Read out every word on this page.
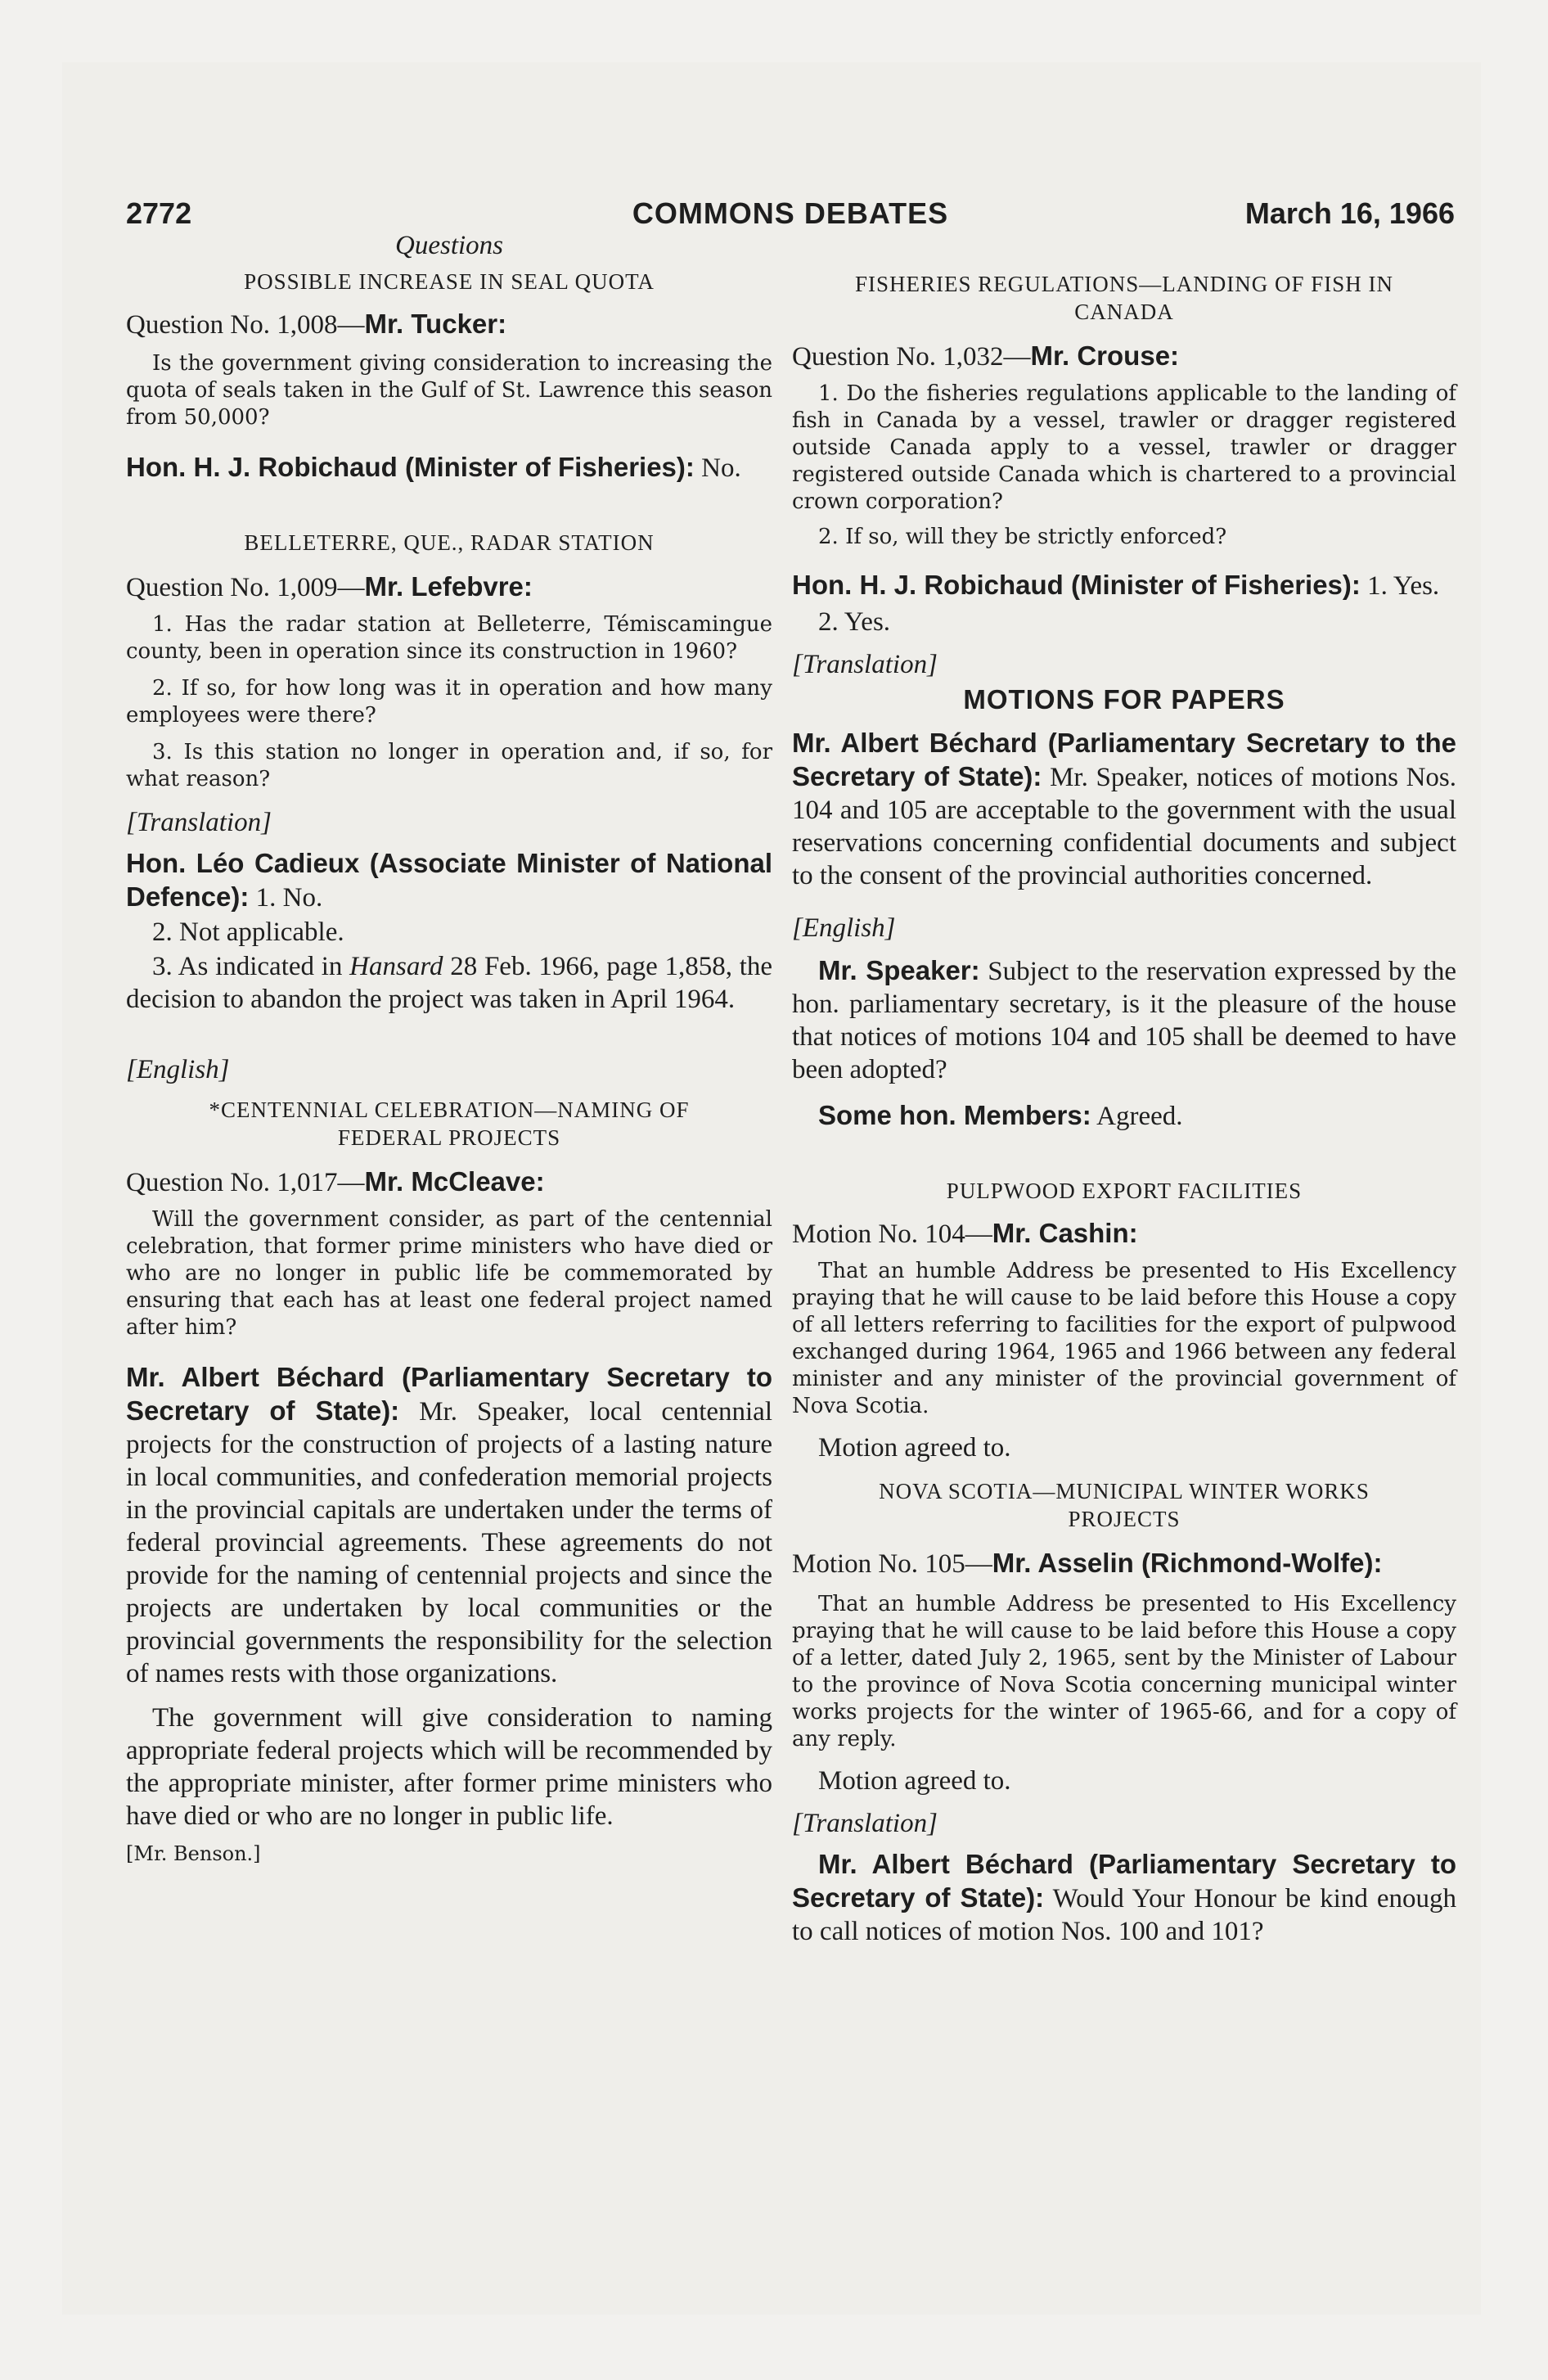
2772	COMMONS DEBATES	March 16, 1966

Questions

POSSIBLE INCREASE IN SEAL QUOTA

Question No. 1,008—Mr. Tucker:

Is the government giving consideration to increasing the quota of seals taken in the Gulf of St. Lawrence this season from 50,000?

Hon. H. J. Robichaud (Minister of Fisheries): No.

BELLETERRE, QUE., RADAR STATION

Question No. 1,009—Mr. Lefebvre:

1. Has the radar station at Belleterre, Témiscamingue county, been in operation since its construction in 1960?

2. If so, for how long was it in operation and how many employees were there?

3. Is this station no longer in operation and, if so, for what reason?

[Translation]

Hon. Léo Cadieux (Associate Minister of National Defence): 1. No.

2. Not applicable.

3. As indicated in Hansard 28 Feb. 1966, page 1,858, the decision to abandon the project was taken in April 1964.

[English]

*CENTENNIAL CELEBRATION—NAMING OF FEDERAL PROJECTS

Question No. 1,017—Mr. McCleave:

Will the government consider, as part of the centennial celebration, that former prime ministers who have died or who are no longer in public life be commemorated by ensuring that each has at least one federal project named after him?

Mr. Albert Béchard (Parliamentary Secretary to Secretary of State): Mr. Speaker, local centennial projects for the construction of projects of a lasting nature in local communities, and confederation memorial projects in the provincial capitals are undertaken under the terms of federal provincial agreements. These agreements do not provide for the naming of centennial projects and since the projects are undertaken by local communities or the provincial governments the responsibility for the selection of names rests with those organizations.

The government will give consideration to naming appropriate federal projects which will be recommended by the appropriate minister, after former prime ministers who have died or who are no longer in public life.

[Mr. Benson.]

FISHERIES REGULATIONS—LANDING OF FISH IN CANADA

Question No. 1,032—Mr. Crouse:

1. Do the fisheries regulations applicable to the landing of fish in Canada by a vessel, trawler or dragger registered outside Canada apply to a vessel, trawler or dragger registered outside Canada which is chartered to a provincial crown corporation?

2. If so, will they be strictly enforced?

Hon. H. J. Robichaud (Minister of Fisheries): 1. Yes.

2. Yes.

[Translation]

MOTIONS FOR PAPERS

Mr. Albert Béchard (Parliamentary Secretary to the Secretary of State): Mr. Speaker, notices of motions Nos. 104 and 105 are acceptable to the government with the usual reservations concerning confidential documents and subject to the consent of the provincial authorities concerned.

[English]

Mr. Speaker: Subject to the reservation expressed by the hon. parliamentary secretary, is it the pleasure of the house that notices of motions 104 and 105 shall be deemed to have been adopted?

Some hon. Members: Agreed.

PULPWOOD EXPORT FACILITIES

Motion No. 104—Mr. Cashin:

That an humble Address be presented to His Excellency praying that he will cause to be laid before this House a copy of all letters referring to facilities for the export of pulpwood exchanged during 1964, 1965 and 1966 between any federal minister and any minister of the provincial government of Nova Scotia.

Motion agreed to.

NOVA SCOTIA—MUNICIPAL WINTER WORKS PROJECTS

Motion No. 105—Mr. Asselin (Richmond-Wolfe):

That an humble Address be presented to His Excellency praying that he will cause to be laid before this House a copy of a letter, dated July 2, 1965, sent by the Minister of Labour to the province of Nova Scotia concerning municipal winter works projects for the winter of 1965-66, and for a copy of any reply.

Motion agreed to.

[Translation]

Mr. Albert Béchard (Parliamentary Secretary to Secretary of State): Would Your Honour be kind enough to call notices of motion Nos. 100 and 101?
